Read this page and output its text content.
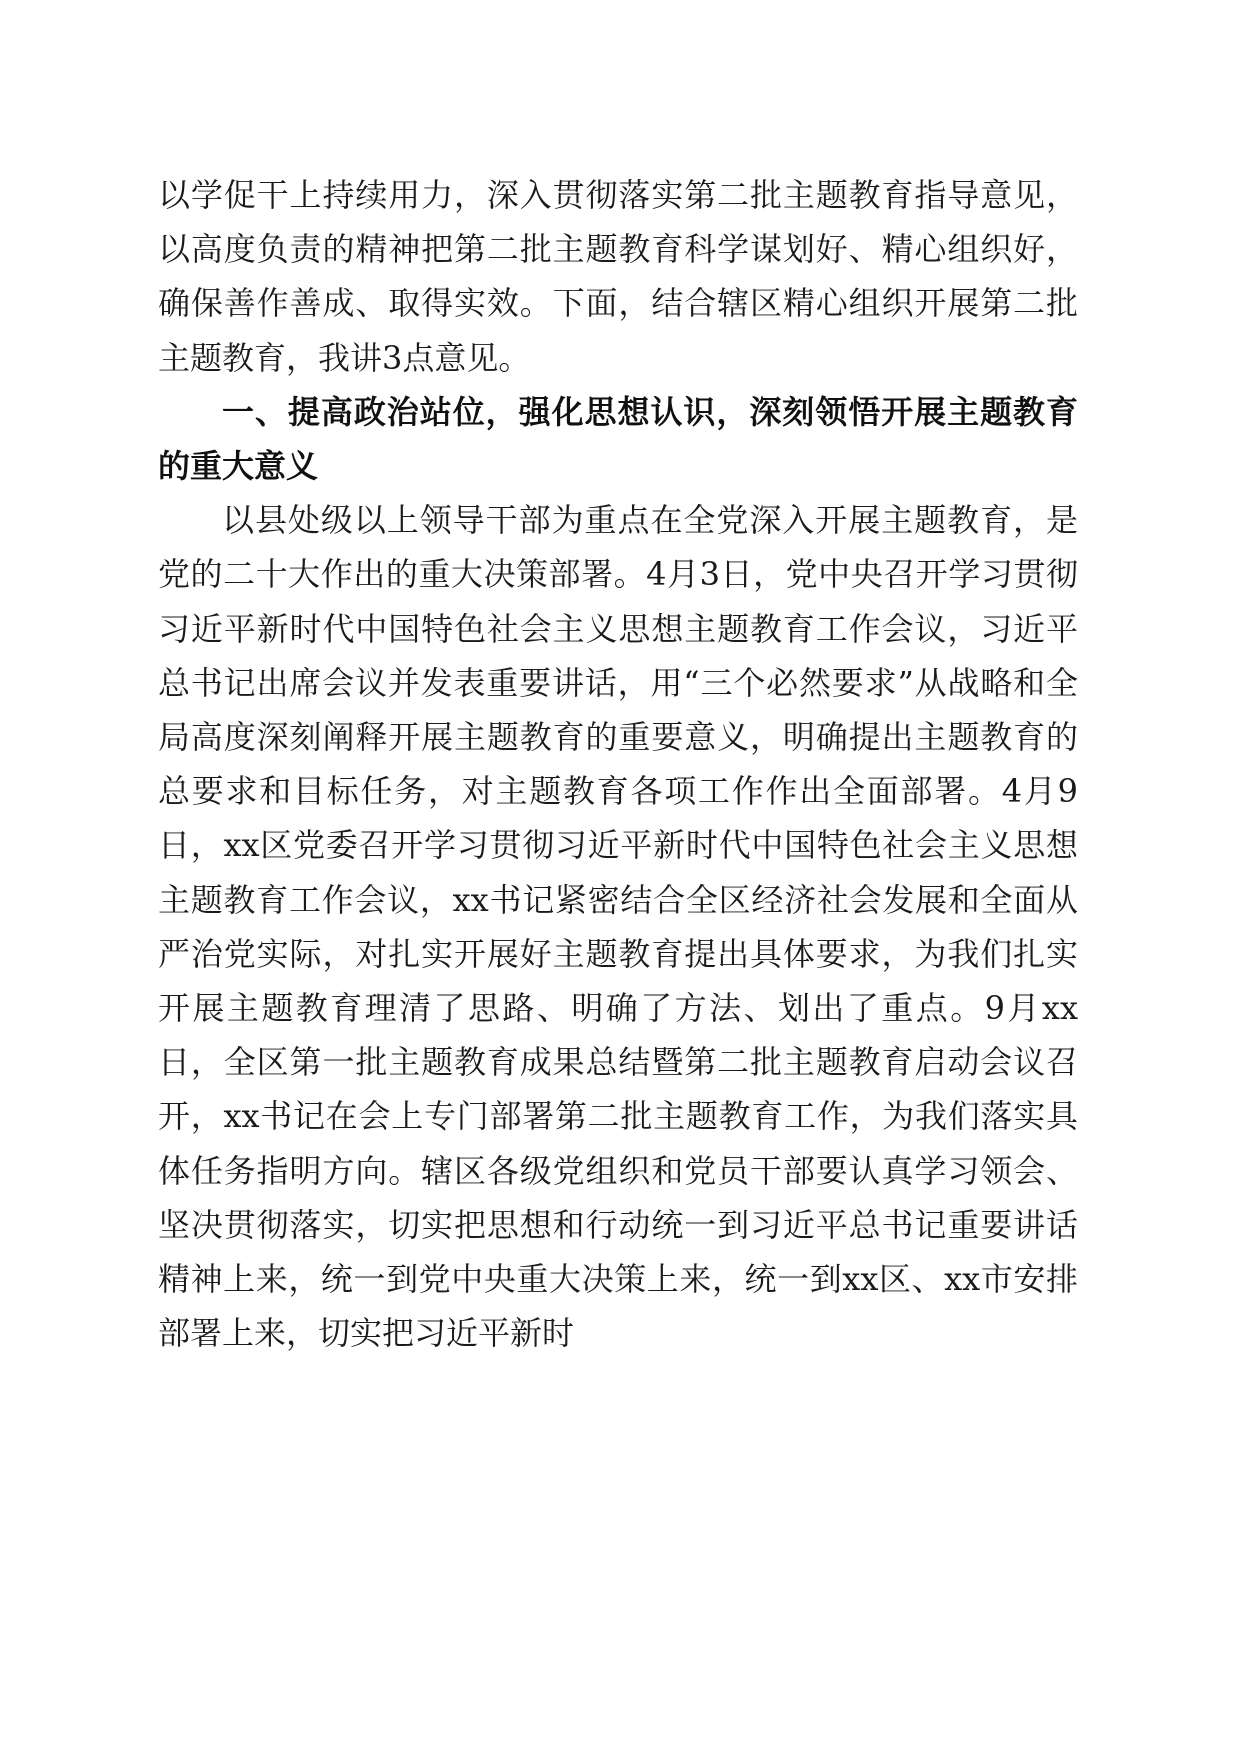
以学促干上持续用力，深入贯彻落实第二批主题教育指导意见，以高度负责的精神把第二批主题教育科学谋划好、精心组织好，确保善作善成、取得实效。下面，结合辖区精心组织开展第二批主题教育，我讲3点意见。

一、提高政治站位，强化思想认识，深刻领悟开展主题教育的重大意义

以县处级以上领导干部为重点在全党深入开展主题教育，是党的二十大作出的重大决策部署。4月3日，党中央召开学习贯彻习近平新时代中国特色社会主义思想主题教育工作会议，习近平总书记出席会议并发表重要讲话，用“三个必然要求”从战略和全局高度深刻阐释开展主题教育的重要意义，明确提出主题教育的总要求和目标任务，对主题教育各项工作作出全面部署。4月9日，xx区党委召开学习贯彻习近平新时代中国特色社会主义思想主题教育工作会议，xx书记紧密结合全区经济社会发展和全面从严治党实际，对扎实开展好主题教育提出具体要求，为我们扎实开展主题教育理清了思路、明确了方法、划出了重点。9月xx日，全区第一批主题教育成果总结暨第二批主题教育启动会议召开，xx书记在会上专门部署第二批主题教育工作，为我们落实具体任务指明方向。辖区各级党组织和党员干部要认真学习领会、坚决贯彻落实，切实把思想和行动统一到习近平总书记重要讲话精神上来，统一到党中央重大决策上来，统一到xx区、xx市安排部署上来，切实把习近平新时
